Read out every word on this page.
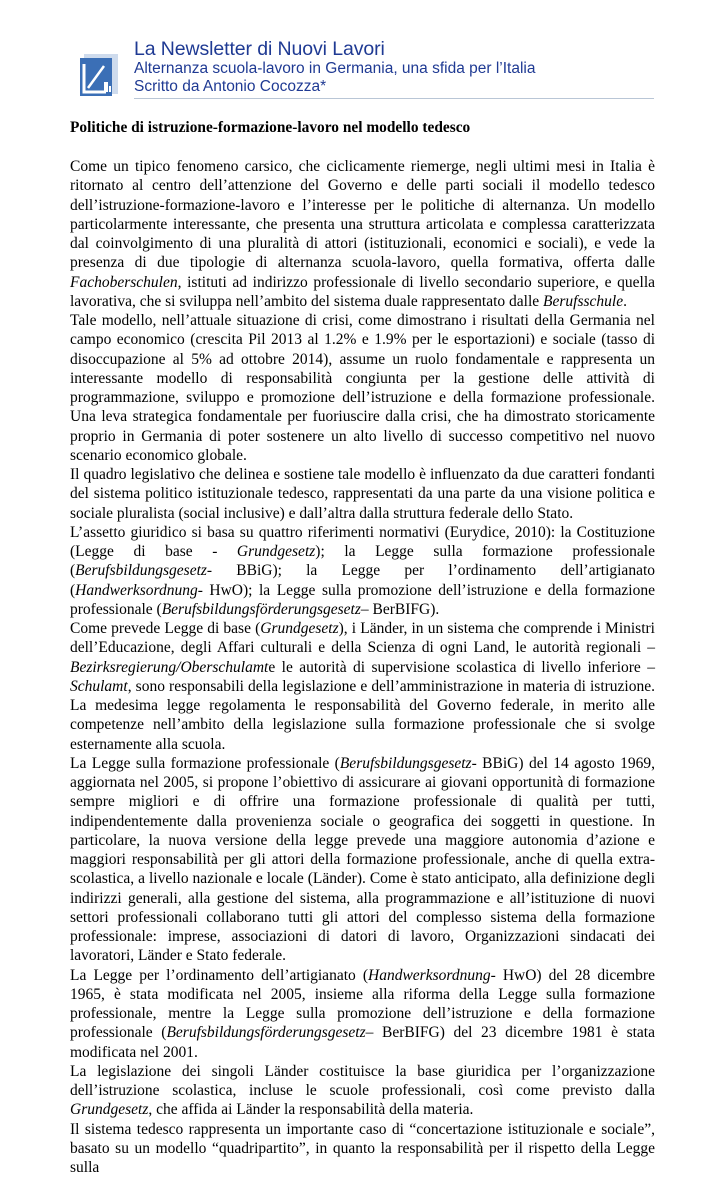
La Newsletter di Nuovi Lavori
Alternanza scuola-lavoro in Germania, una sfida per l’Italia
Scritto da Antonio Cocozza*
Politiche di istruzione-formazione-lavoro nel modello tedesco

Come un tipico fenomeno carsico, che ciclicamente riemerge, negli ultimi mesi in Italia è ritornato al centro dell’attenzione del Governo e delle parti sociali il modello tedesco dell’istruzione-formazione-lavoro e l’interesse per le politiche di alternanza. Un modello particolarmente interessante, che presenta una struttura articolata e complessa caratterizzata dal coinvolgimento di una pluralità di attori (istituzionali, economici e sociali), e vede la presenza di due tipologie di alternanza scuola-lavoro, quella formativa, offerta dalle Fachoberschulen, istituti ad indirizzo professionale di livello secondario superiore, e quella lavorativa, che si sviluppa nell’ambito del sistema duale rappresentato dalle Berufsschule.

Tale modello, nell’attuale situazione di crisi, come dimostrano i risultati della Germania nel campo economico (crescita Pil 2013 al 1.2% e 1.9% per le esportazioni) e sociale (tasso di disoccupazione al 5% ad ottobre 2014), assume un ruolo fondamentale e rappresenta un interessante modello di responsabilità congiunta per la gestione delle attività di programmazione, sviluppo e promozione dell’istruzione e della formazione professionale. Una leva strategica fondamentale per fuoriuscire dalla crisi, che ha dimostrato storicamente proprio in Germania di poter sostenere un alto livello di successo competitivo nel nuovo scenario economico globale.

Il quadro legislativo che delinea e sostiene tale modello è influenzato da due caratteri fondanti del sistema politico istituzionale tedesco, rappresentati da una parte da una visione politica e sociale pluralista (social inclusive) e dall’altra dalla struttura federale dello Stato.

L’assetto giuridico si basa su quattro riferimenti normativi (Eurydice, 2010): la Costituzione (Legge di base - Grundgesetz); la Legge sulla formazione professionale (Berufsbildungsgesetz- BBiG); la Legge per l’ordinamento dell’artigianato (Handwerksordnung- HwO); la Legge sulla promozione dell’istruzione e della formazione professionale (Berufsbildungsförderungsgesetz– BerBIFG).

Come prevede Legge di base (Grundgesetz), i Länder, in un sistema che comprende i Ministri dell’Educazione, degli Affari culturali e della Scienza di ogni Land, le autorità regionali – Bezirksregierung/Oberschulamte le autorità di supervisione scolastica di livello inferiore – Schulamt, sono responsabili della legislazione e dell’amministrazione in materia di istruzione. La medesima legge regolamenta le responsabilità del Governo federale, in merito alle competenze nell’ambito della legislazione sulla formazione professionale che si svolge esternamente alla scuola.

La Legge sulla formazione professionale (Berufsbildungsgesetz- BBiG) del 14 agosto 1969, aggiornata nel 2005, si propone l’obiettivo di assicurare ai giovani opportunità di formazione sempre migliori e di offrire una formazione professionale di qualità per tutti, indipendentemente dalla provenienza sociale o geografica dei soggetti in questione. In particolare, la nuova versione della legge prevede una maggiore autonomia d’azione e maggiori responsabilità per gli attori della formazione professionale, anche di quella extra-scolastica, a livello nazionale e locale (Länder). Come è stato anticipato, alla definizione degli indirizzi generali, alla gestione del sistema, alla programmazione e all’istituzione di nuovi settori professionali collaborano tutti gli attori del complesso sistema della formazione professionale: imprese, associazioni di datori di lavoro, Organizzazioni sindacati dei lavoratori, Länder e Stato federale.

La Legge per l’ordinamento dell’artigianato (Handwerksordnung- HwO) del 28 dicembre 1965, è stata modificata nel 2005, insieme alla riforma della Legge sulla formazione professionale, mentre la Legge sulla promozione dell’istruzione e della formazione professionale (Berufsbildungsförderungsgesetz– BerBIFG) del 23 dicembre 1981 è stata modificata nel 2001.

La legislazione dei singoli Länder costituisce la base giuridica per l’organizzazione dell’istruzione scolastica, incluse le scuole professionali, così come previsto dalla Grundgesetz, che affida ai Länder la responsabilità della materia.

Il sistema tedesco rappresenta un importante caso di “concertazione istituzionale e sociale”, basato su un modello “quadripartito”, in quanto la responsabilità per il rispetto della Legge sulla
